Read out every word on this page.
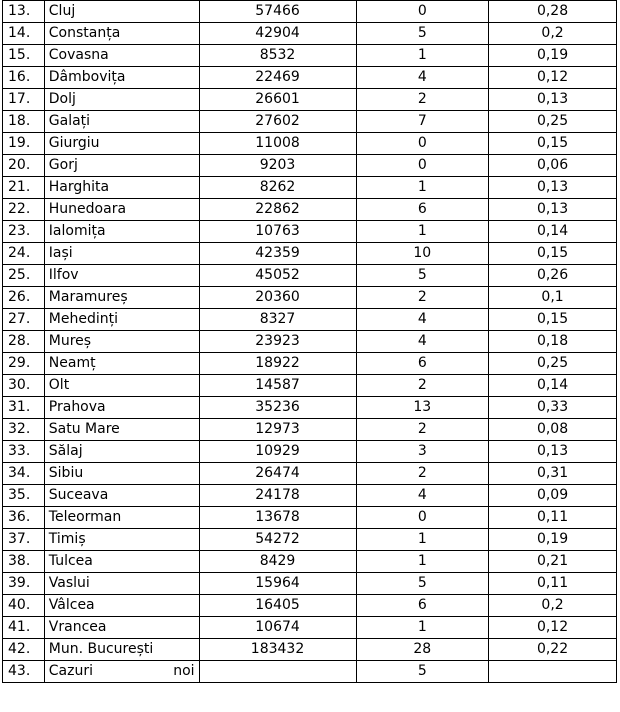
13.	Cluj	57466	0	0,28
14.	Constanța	42904	5	0,2
15.	Covasna	8532	1	0,19
16.	Dâmbovița	22469	4	0,12
17.	Dolj	26601	2	0,13
18.	Galați	27602	7	0,25
19.	Giurgiu	11008	0	0,15
20.	Gorj	9203	0	0,06
21.	Harghita	8262	1	0,13
22.	Hunedoara	22862	6	0,13
23.	Ialomița	10763	1	0,14
24.	Iași	42359	10	0,15
25.	Ilfov	45052	5	0,26
26.	Maramureș	20360	2	0,1
27.	Mehedinți	8327	4	0,15
28.	Mureș	23923	4	0,18
29.	Neamț	18922	6	0,25
30.	Olt	14587	2	0,14
31.	Prahova	35236	13	0,33
32.	Satu Mare	12973	2	0,08
33.	Sălaj	10929	3	0,13
34.	Sibiu	26474	2	0,31
35.	Suceava	24178	4	0,09
36.	Teleorman	13678	0	0,11
37.	Timiș	54272	1	0,19
38.	Tulcea	8429	1	0,21
39.	Vaslui	15964	5	0,11
40.	Vâlcea	16405	6	0,2
41.	Vrancea	10674	1	0,12
42.	Mun. București	183432	28	0,22
43.	Cazuri noi		5	
